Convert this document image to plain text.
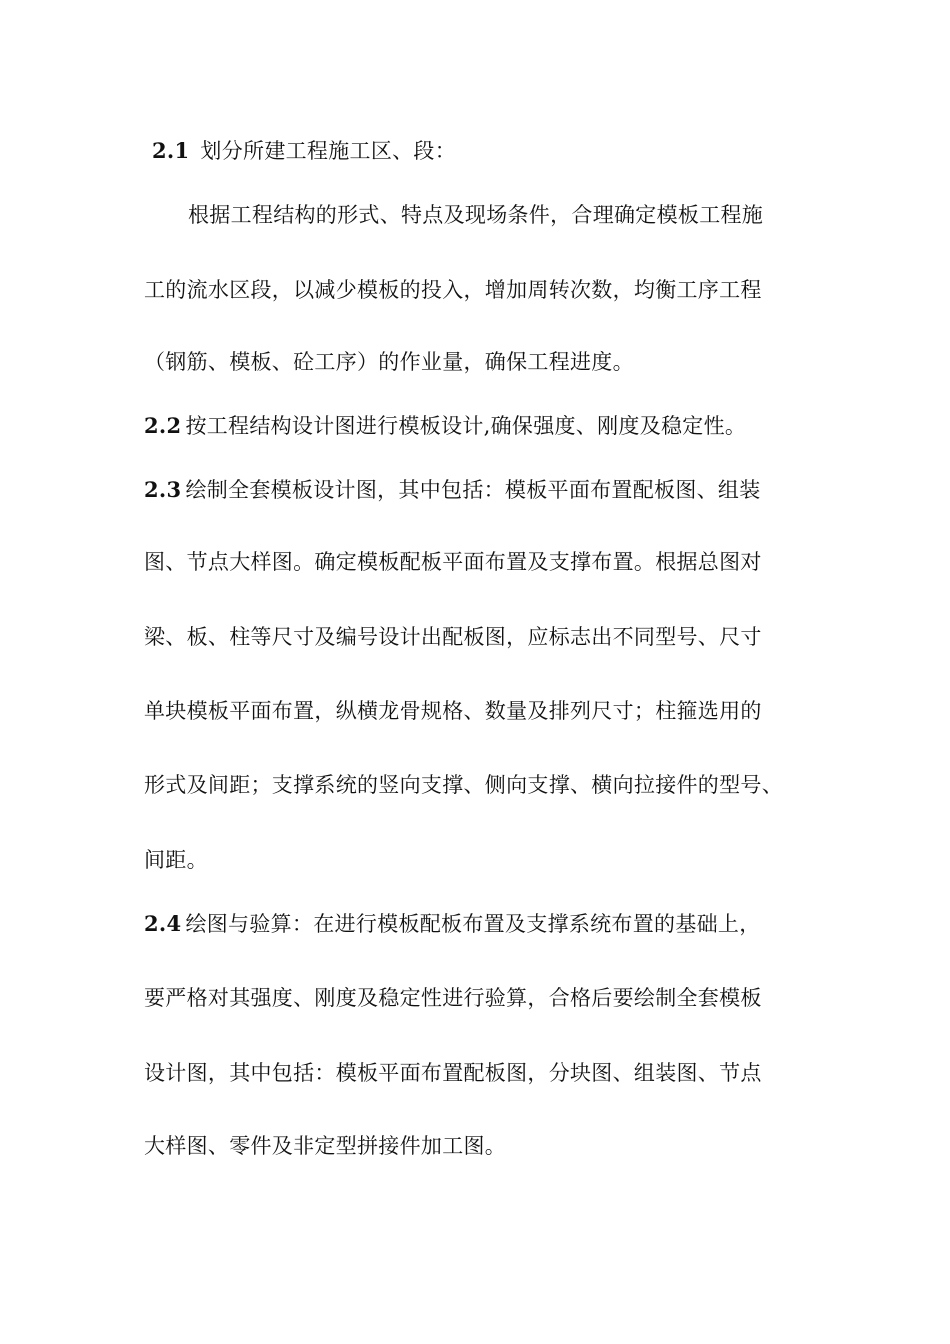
2.1 划分所建工程施工区、段：
根据工程结构的形式、特点及现场条件，合理确定模板工程施
工的流水区段，以减少模板的投入，增加周转次数，均衡工序工程
（钢筋、模板、砼工序）的作业量，确保工程进度。
2.2 按工程结构设计图进行模板设计,确保强度、刚度及稳定性。
2.3 绘制全套模板设计图，其中包括：模板平面布置配板图、组装
图、节点大样图。确定模板配板平面布置及支撑布置。根据总图对
梁、板、柱等尺寸及编号设计出配板图，应标志出不同型号、尺寸
单块模板平面布置，纵横龙骨规格、数量及排列尺寸；柱箍选用的
形式及间距；支撑系统的竖向支撑、侧向支撑、横向拉接件的型号、
间距。
2.4 绘图与验算：在进行模板配板布置及支撑系统布置的基础上，
要严格对其强度、刚度及稳定性进行验算，合格后要绘制全套模板
设计图，其中包括：模板平面布置配板图，分块图、组装图、节点
大样图、零件及非定型拼接件加工图。
